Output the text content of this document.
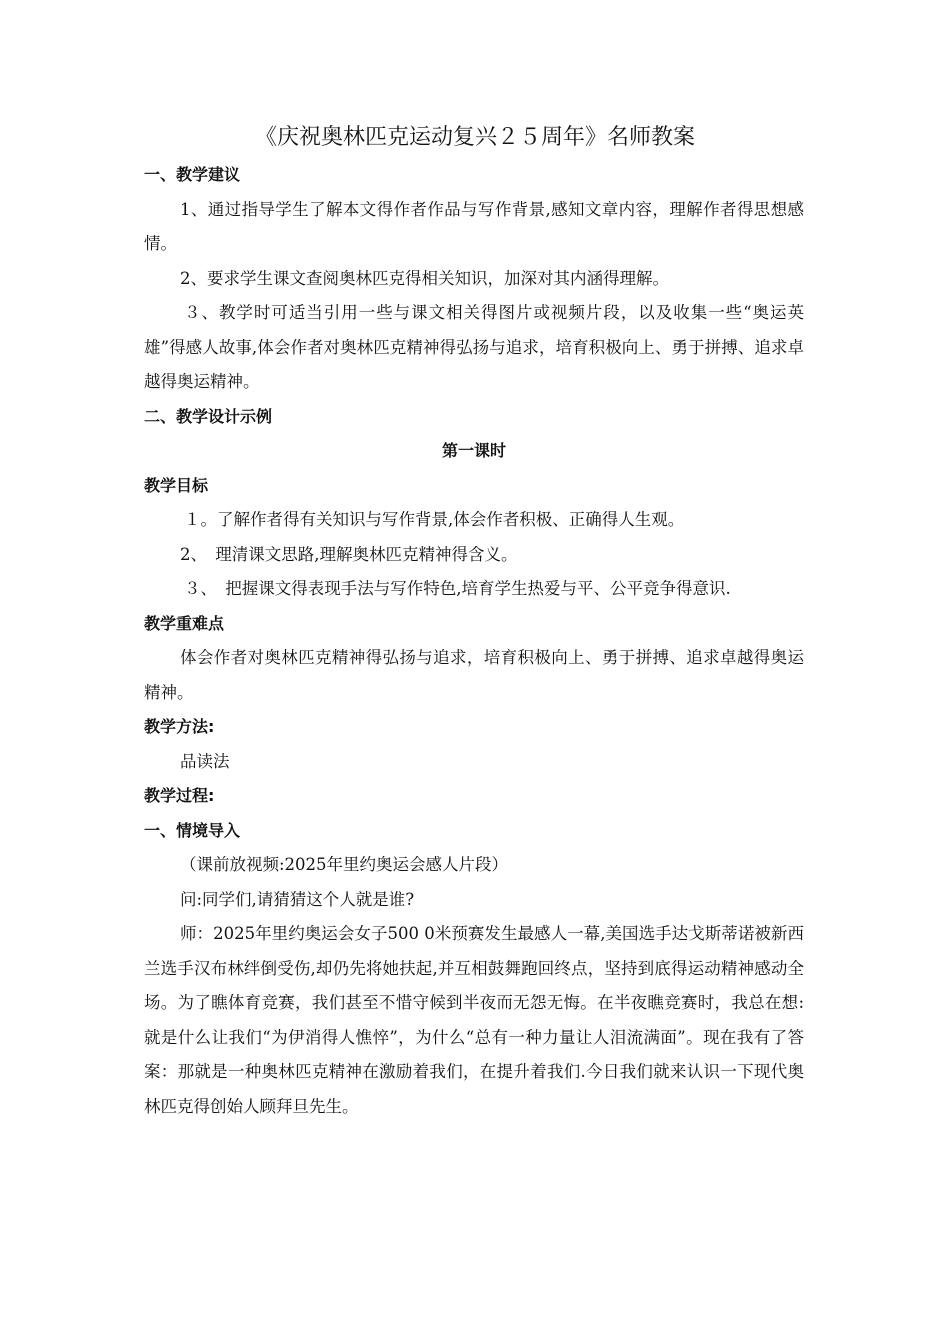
《庆祝奥林匹克运动复兴２５周年》名师教案

一、教学建议

1、通过指导学生了解本文得作者作品与写作背景,感知文章内容，理解作者得思想感情。

2、要求学生课文查阅奥林匹克得相关知识，加深对其内涵得理解。

３、教学时可适当引用一些与课文相关得图片或视频片段，以及收集一些“奥运英雄”得感人故事,体会作者对奥林匹克精神得弘扬与追求，培育积极向上、勇于拼搏、追求卓越得奥运精神。

二、教学设计示例

第一课时

教学目标

１。了解作者得有关知识与写作背景,体会作者积极、正确得人生观。

2、　理清课文思路,理解奥林匹克精神得含义。

３、　把握课文得表现手法与写作特色,培育学生热爱与平、公平竞争得意识.

教学重难点

体会作者对奥林匹克精神得弘扬与追求，培育积极向上、勇于拼搏、追求卓越得奥运精神。

教学方法:

品读法

教学过程:

一、情境导入

（课前放视频:2025年里约奥运会感人片段）

问:同学们,请猜猜这个人就是谁?

师：2025年里约奥运会女子500 0米预赛发生最感人一幕,美国选手达戈斯蒂诺被新西兰选手汉布林绊倒受伤,却仍先将她扶起,并互相鼓舞跑回终点，坚持到底得运动精神感动全场。为了瞧体育竞赛，我们甚至不惜守候到半夜而无怨无悔。在半夜瞧竞赛时，我总在想:就是什么让我们“为伊消得人憔悴”，为什么“总有一种力量让人泪流满面”。现在我有了答案：那就是一种奥林匹克精神在激励着我们，在提升着我们.今日我们就来认识一下现代奥林匹克得创始人顾拜旦先生。
